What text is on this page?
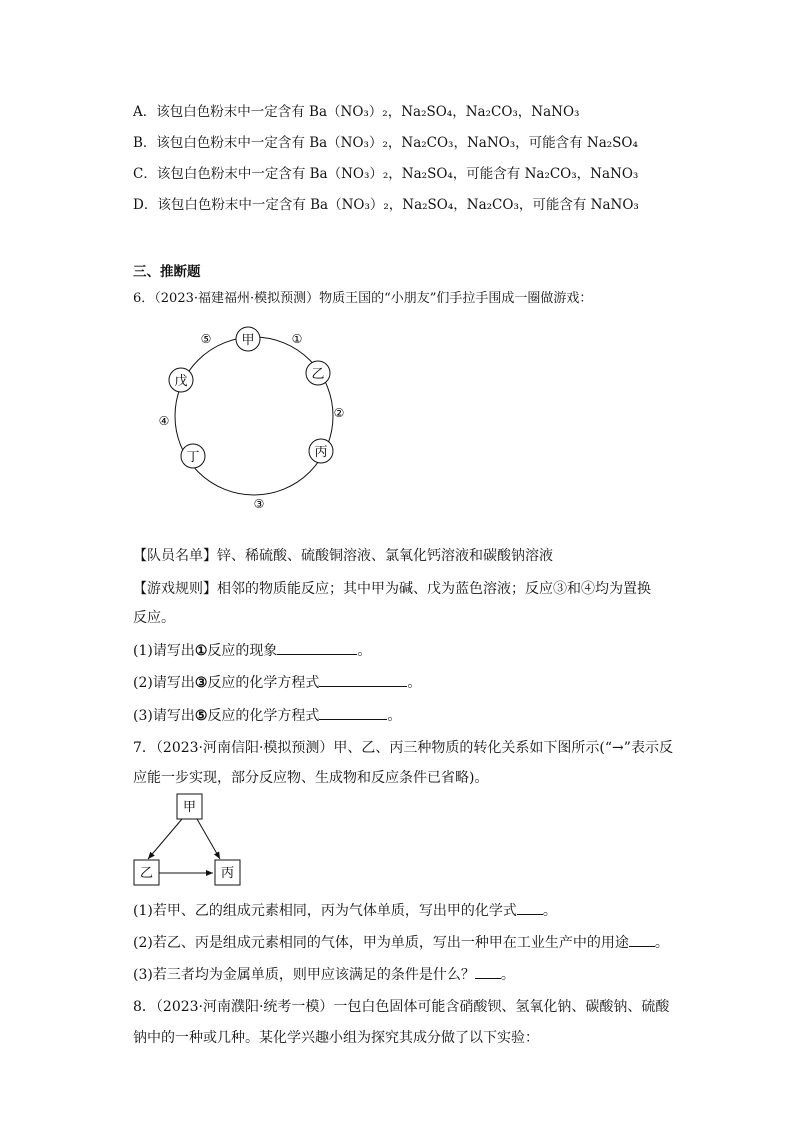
A．该包白色粉末中一定含有 Ba（NO₃）₂，Na₂SO₄，Na₂CO₃，NaNO₃
B．该包白色粉末中一定含有 Ba（NO₃）₂，Na₂CO₃，NaNO₃，可能含有 Na₂SO₄
C．该包白色粉末中一定含有 Ba（NO₃）₂，Na₂SO₄，可能含有 Na₂CO₃，NaNO₃
D．该包白色粉末中一定含有 Ba（NO₃）₂，Na₂SO₄，Na₂CO₃，可能含有 NaNO₃
三、推断题
6．（2023·福建福州·模拟预测）物质王国的“小朋友”们手拉手围成一圈做游戏：
甲
乙
丙
丁
戊
①
②
③
④
⑤
【队员名单】锌、稀硫酸、硫酸铜溶液、氯氧化钙溶液和碳酸钠溶液
【游戏规则】相邻的物质能反应；其中甲为碱、戊为蓝色溶液；反应③和④均为置换
反应。
(1)请写出①反应的现象	。
(2)请写出③反应的化学方程式	。
(3)请写出⑤反应的化学方程式	。
7．（2023·河南信阳·模拟预测）甲、乙、丙三种物质的转化关系如下图所示(“→”表示反
应能一步实现，部分反应物、生成物和反应条件已省略)。
甲
乙	丙
(1)若甲、乙的组成元素相同，丙为气体单质，写出甲的化学式 。
(2)若乙、丙是组成元素相同的气体，甲为单质，写出一种甲在工业生产中的用途 。
(3)若三者均为金属单质，则甲应该满足的条件是什么？ 。
8．（2023·河南濮阳·统考一模）一包白色固体可能含硝酸钡、氢氧化钠、碳酸钠、硫酸
钠中的一种或几种。某化学兴趣小组为探究其成分做了以下实验：
